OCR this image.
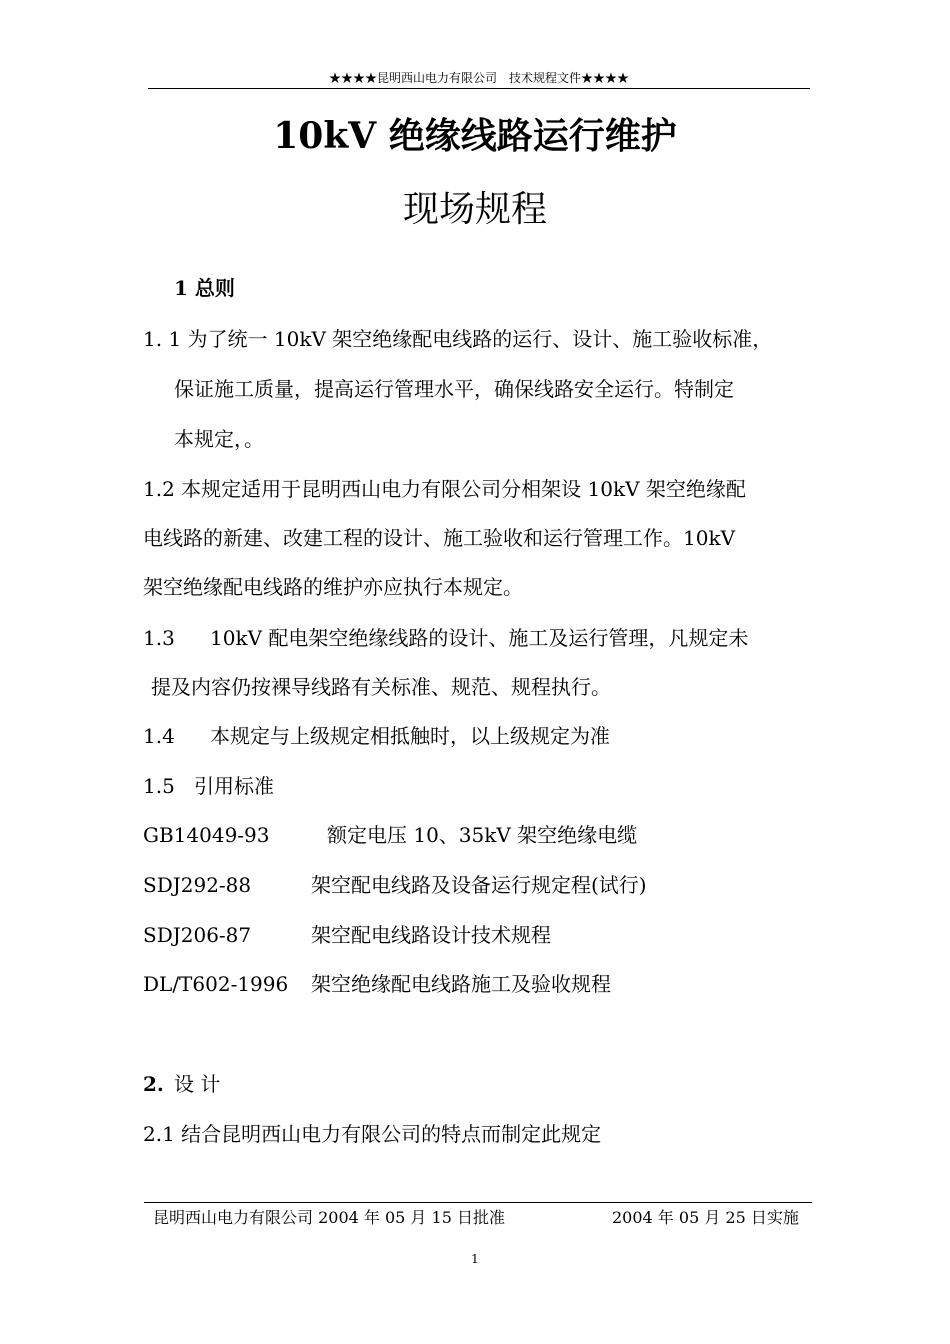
★★★★昆明西山电力有限公司　技术规程文件★★★★
10kV 绝缘线路运行维护
现场规程
1 总则
1. 1 为了统一 10kV 架空绝缘配电线路的运行、设计、施工验收标准，
保证施工质量，提高运行管理水平，确保线路安全运行。特制定
本规定，。
1.2 本规定适用于昆明西山电力有限公司分相架设 10kV 架空绝缘配
电线路的新建、改建工程的设计、施工验收和运行管理工作。10kV
架空绝缘配电线路的维护亦应执行本规定。
1.3 10kV 配电架空绝缘线路的设计、施工及运行管理，凡规定未
提及内容仍按裸导线路有关标准、规范、规程执行。
1.4 本规定与上级规定相抵触时，以上级规定为准
1.5 引用标准
GB14049-93	额定电压 10、35kV 架空绝缘电缆
SDJ292-88	架空配电线路及设备运行规定程(试行)
SDJ206-87	架空配电线路设计技术规程
DL/T602-1996 架空绝缘配电线路施工及验收规程
2. 设 计
2.1 结合昆明西山电力有限公司的特点而制定此规定
昆明西山电力有限公司 2004 年 05 月 15 日批准	2004 年 05 月 25 日实施
1
